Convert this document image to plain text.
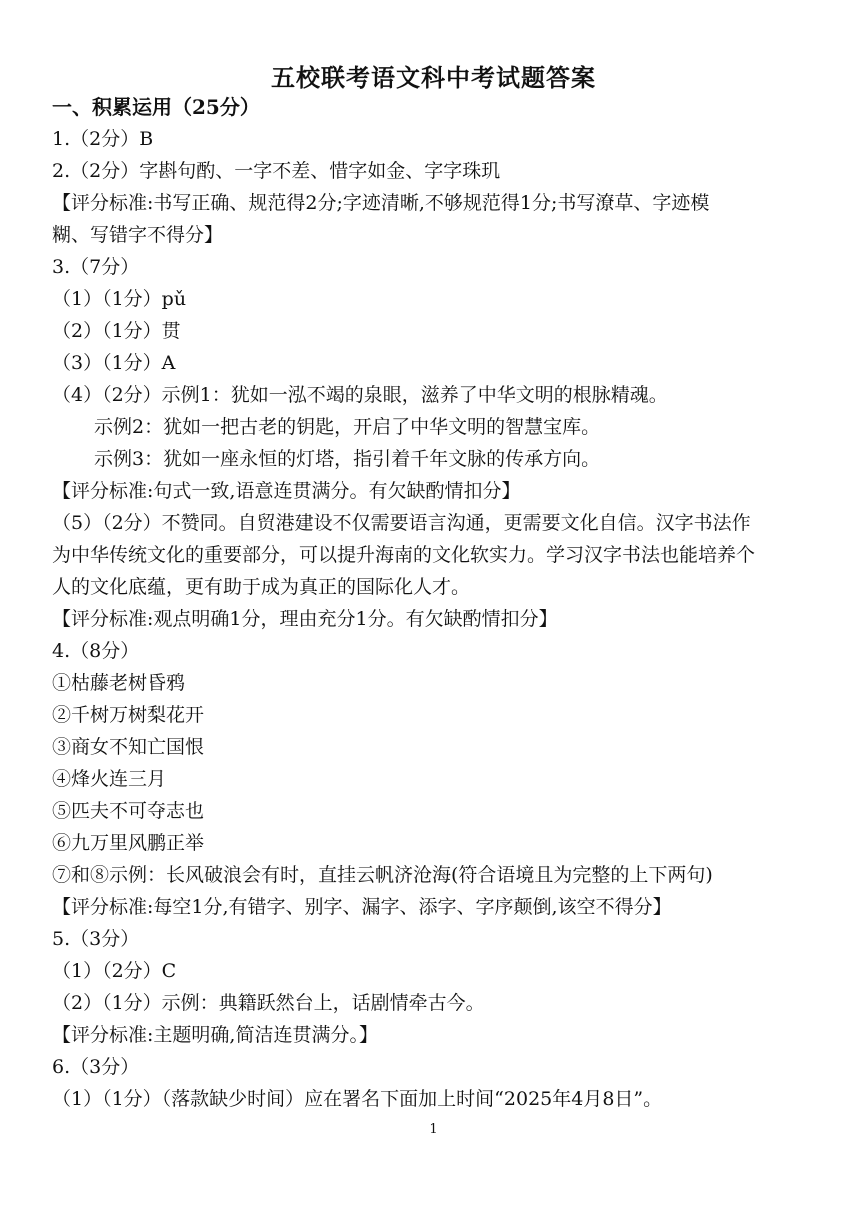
五校联考语文科中考试题答案
一、积累运用（25分）
1.（2分）B
2.（2分）字斟句酌、一字不差、惜字如金、字字珠玑
【评分标准:书写正确、规范得2分;字迹清晰,不够规范得1分;书写潦草、字迹模
糊、写错字不得分】
3.（7分）
（1）（1分）pǔ
（2）（1分）贯
（3）（1分）A
（4）（2分）示例1：犹如一泓不竭的泉眼，滋养了中华文明的根脉精魂。
示例2：犹如一把古老的钥匙，开启了中华文明的智慧宝库。
示例3：犹如一座永恒的灯塔，指引着千年文脉的传承方向。
【评分标准:句式一致,语意连贯满分。有欠缺酌情扣分】
（5）（2分）不赞同。自贸港建设不仅需要语言沟通，更需要文化自信。汉字书法作
为中华传统文化的重要部分，可以提升海南的文化软实力。学习汉字书法也能培养个
人的文化底蕴，更有助于成为真正的国际化人才。
【评分标准:观点明确1分，理由充分1分。有欠缺酌情扣分】
4.（8分）
①枯藤老树昏鸦
②千树万树梨花开
③商女不知亡国恨
④烽火连三月
⑤匹夫不可夺志也
⑥九万里风鹏正举
⑦和⑧示例：长风破浪会有时，直挂云帆济沧海(符合语境且为完整的上下两句)
【评分标准:每空1分,有错字、别字、漏字、添字、字序颠倒,该空不得分】
5.（3分）
（1）（2分）C
（2）（1分）示例：典籍跃然台上，话剧情牵古今。
【评分标准:主题明确,简洁连贯满分。】
6.（3分）
（1）（1分）（落款缺少时间）应在署名下面加上时间“2025年4月8日”。
1
